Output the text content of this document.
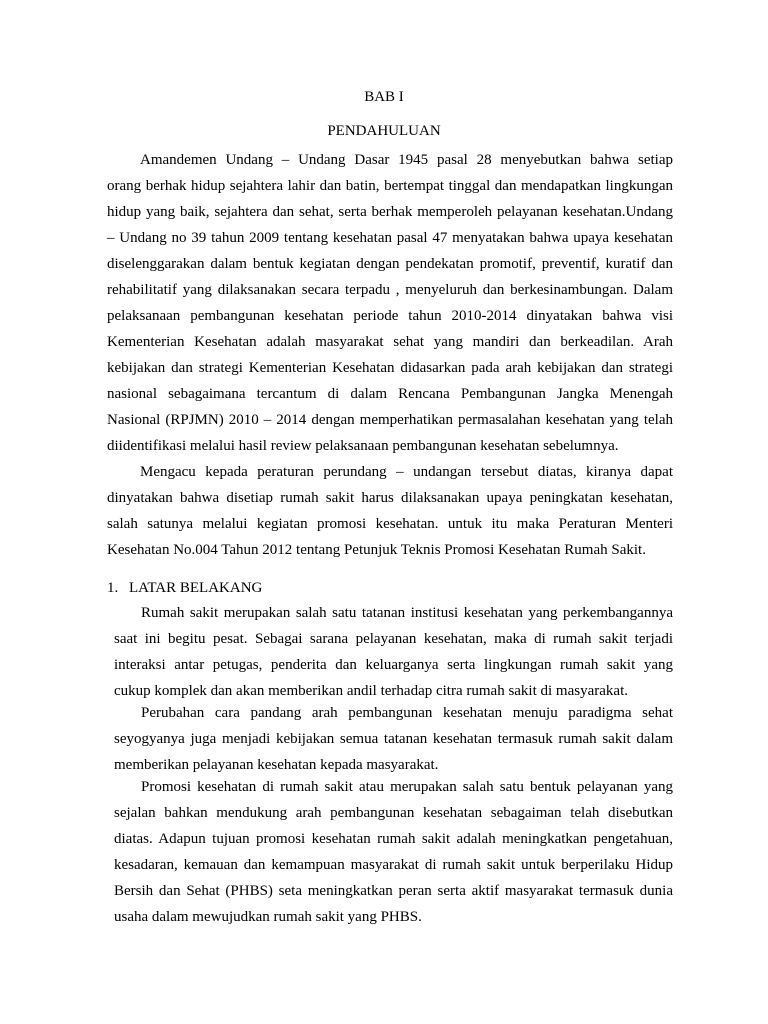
BAB I
PENDAHULUAN
Amandemen Undang – Undang Dasar 1945 pasal 28 menyebutkan bahwa setiap
orang berhak hidup sejahtera lahir dan batin, bertempat tinggal dan mendapatkan lingkungan
hidup yang baik, sejahtera dan sehat, serta berhak memperoleh pelayanan kesehatan.Undang
– Undang no 39 tahun 2009 tentang kesehatan pasal 47 menyatakan bahwa upaya kesehatan
diselenggarakan dalam bentuk kegiatan dengan pendekatan promotif, preventif, kuratif dan
rehabilitatif yang dilaksanakan secara terpadu , menyeluruh dan berkesinambungan. Dalam
pelaksanaan pembangunan kesehatan periode tahun 2010-2014 dinyatakan bahwa visi
Kementerian Kesehatan adalah masyarakat sehat yang mandiri dan berkeadilan. Arah
kebijakan dan strategi Kementerian Kesehatan didasarkan pada arah kebijakan dan strategi
nasional sebagaimana tercantum di dalam Rencana Pembangunan Jangka Menengah
Nasional (RPJMN) 2010 – 2014 dengan memperhatikan permasalahan kesehatan yang telah
diidentifikasi melalui hasil review pelaksanaan pembangunan kesehatan sebelumnya.
Mengacu kepada peraturan perundang – undangan tersebut diatas, kiranya dapat
dinyatakan bahwa disetiap rumah sakit harus dilaksanakan upaya peningkatan kesehatan,
salah satunya melalui kegiatan promosi kesehatan. untuk itu maka Peraturan Menteri
Kesehatan No.004 Tahun 2012 tentang Petunjuk Teknis Promosi Kesehatan Rumah Sakit.
1. LATAR BELAKANG
Rumah sakit merupakan salah satu tatanan institusi kesehatan yang perkembangannya
saat ini begitu pesat. Sebagai sarana pelayanan kesehatan, maka di rumah sakit terjadi
interaksi antar petugas, penderita dan keluarganya serta lingkungan rumah sakit yang
cukup komplek dan akan memberikan andil terhadap citra rumah sakit di masyarakat.
Perubahan cara pandang arah pembangunan kesehatan menuju paradigma sehat
seyogyanya juga menjadi kebijakan semua tatanan kesehatan termasuk rumah sakit dalam
memberikan pelayanan kesehatan kepada masyarakat.
Promosi kesehatan di rumah sakit atau merupakan salah satu bentuk pelayanan yang
sejalan bahkan mendukung arah pembangunan kesehatan sebagaiman telah disebutkan
diatas. Adapun tujuan promosi kesehatan rumah sakit adalah meningkatkan pengetahuan,
kesadaran, kemauan dan kemampuan masyarakat di rumah sakit untuk berperilaku Hidup
Bersih dan Sehat (PHBS) seta meningkatkan peran serta aktif masyarakat termasuk dunia
usaha dalam mewujudkan rumah sakit yang PHBS.
